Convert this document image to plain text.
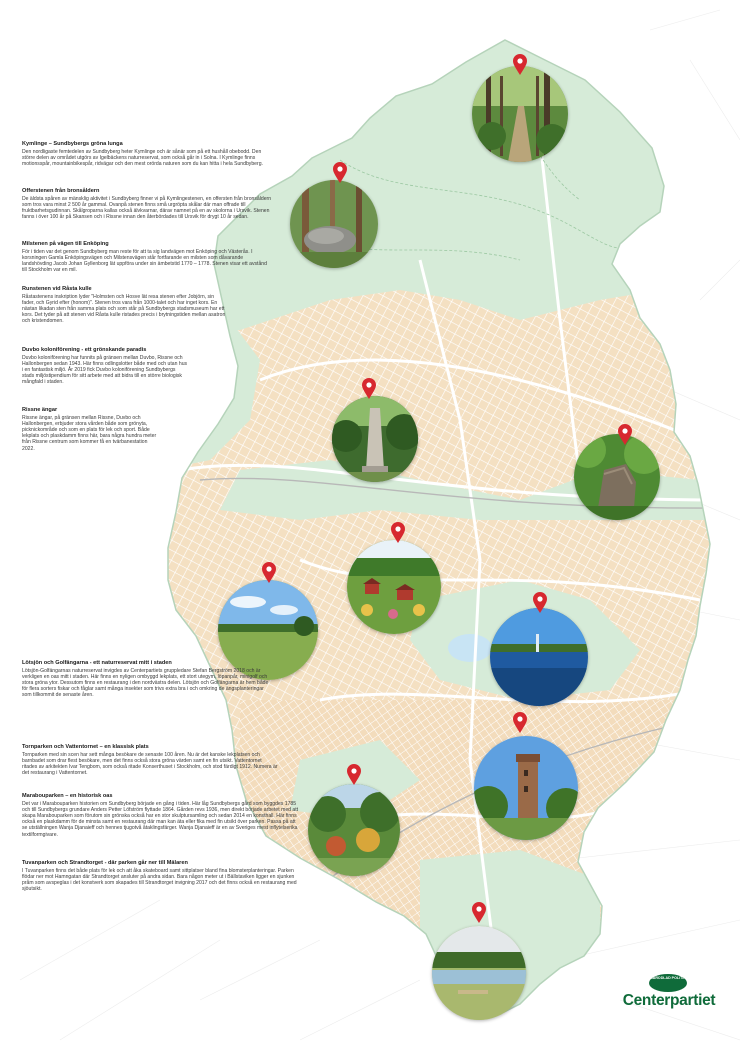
Kymlinge – Sundbybergs gröna lunga

Den nordligaste femtedelen av Sundbyberg heter Kymlinge och är sånär som på ett hushåll obebodd. Den större delen av området utgörs av Igelbäckens naturreservat, som också går in i Solna. I Kymlinge finns motionsspår, mountainbikespår, ridvägar och den mest orörda naturen som du kan hitta i hela Sundbyberg.

Offerstenen från bronsåldern

De äldsta spåren av mänsklig aktivitet i Sundbyberg finner vi på Kymlingestenen, en offersten från bronsåldern som tros vara minst 2 500 år gammal. Ovanpå stenen finns små urgröpta skålar där man offrade till fruktbarhetsgudinnan. Skålgroparna kallas också älvkvarnar, därav namnet på en av skolorna i Ursvik. Stenen fanns i över 100 år på Skansen och i Rissne innan den återbördades till Ursvik för drygt 10 år sedan.

Milstenen på vägen till Enköping

För i tiden var det genom Sundbyberg man reste för att ta sig landvägen mot Enköping och Västerås. I korsningen Gamla Enköpingsvägen och Milstensvägen står fortfarande en milsten som dåvarande landshövding Jacob Johan Gyllenborg lät uppföra under sin ämbetstid 1770 – 1778. Stenen visar ett avstånd till Stockholm var en mil.

Runstenen vid Råsta kulle

Råstastenens inskription lyder "Holmsten och Hosve lät resa stenen efter Jobjörn, sin fader, och Gyrid efter (honom)". Stenen tros vara från 1000-talet och har inget kors. En nästan likadan sten från samma plats och som står på Sundbybergs stadsmuseum har ett kors. Det tyder på att stenen vid Råsta kulle ristades precis i brytningstiden mellan asatron och kristendomen.

Duvbo koloniförening - ett grönskande paradis

Duvbo koloniförening har funnits på gränsen mellan Duvbo, Rissne och Hallonbergen sedan 1943. Här finns odlingslotter både med och utan hus i en fantastisk miljö. År 2019 fick Duvbo koloniförening Sundbybergs stads miljöstipendium för sitt arbete med att bidra till en större biologisk mångfald i staden.

Rissne ängar

Rissne ängar, på gränsen mellan Rissne, Duvbo och Hallonbergen, erbjuder stora vården både som grönyta, picknickområde och som en plats för lek och sport. Både lekplats och plaskdamm finns här, bara några hundra meter från Rissne centrum som kommer få en tvärbanestation 2022.

Lötsjön och Golfängarna - ett naturreservat mitt i staden

Lötsjön-Golfängarnas naturreservat invigdes av Centerpartiets gruppledare Stefan Bergström 2018 och är verkligen en oas mitt i staden. Här finns en nyligen ombyggd lekplats, ett stort utegym, löpanpår, minigolf och stora gröna ytor. Dessutom finns en restaurang i den nordvästra delen. Lötsjön och Golfängarna är hem både för flera sorters fiskar och fåglar samt många insekter som trivs extra bra i och omkring de ängsplanteringar som tillkommit de senaste åren.

Tornparken och Vattentornet – en klassisk plats

Tornparken med sin scen har sett många besökare de senaste 100 åren. Nu är det kanske lekplatsen och barnbadet som drar flest besökare, men det finns också stora gröna värden samt en fin utsikt. Vattentornet ritades av arkitekten Ivar Tengbom, som också ritade Konserthuset i Stockholm, och stod färdigt 1912. Numera är det restaurang i Vattentornet.

Marabouparken – en historisk oas

Det var i Marabouparken historien om Sundbyberg började en gång i tiden. Här låg Sundbybergs gård som byggdes 1785 och till Sundbybergs grundare Anders Petter Löfström flyttade 1864. Gården revs 1936, men direkt började arbetet med att skapa Marabouparken som förutom sin grönska också har en stor skulptursamling och sedan 2014 en konsthall. Här finns också en plaskdamm för de minsta samt en restaurang där man kan äta eller fika med fin utsikt över parken. Passa på att se utställningen Wanja Djanaieff och hennes tjugotvå åtaklingsfärger. Wanja Djanaieff är en av Sveriges mest inflytelserika textilformgivare.

Tuvanparken och Strandtorget - där parken går ner till Mälaren

I Tuvanparken finns det både plats för lek och att åka skateboard samt sittplatser bland fina blomsterplanteringar. Parken flödar ner mot Hamngatan där Strandtorget ansluter på andra sidan. Bara någon meter ut i Bällstaviken ligger en sjunken pråm som avspeglas i det konstverk som skapades till Strandtorget invigning 2017 och det finns också en restaurang med sjöutsikt.

NÄRODLAD POLITIK
Centerpartiet
